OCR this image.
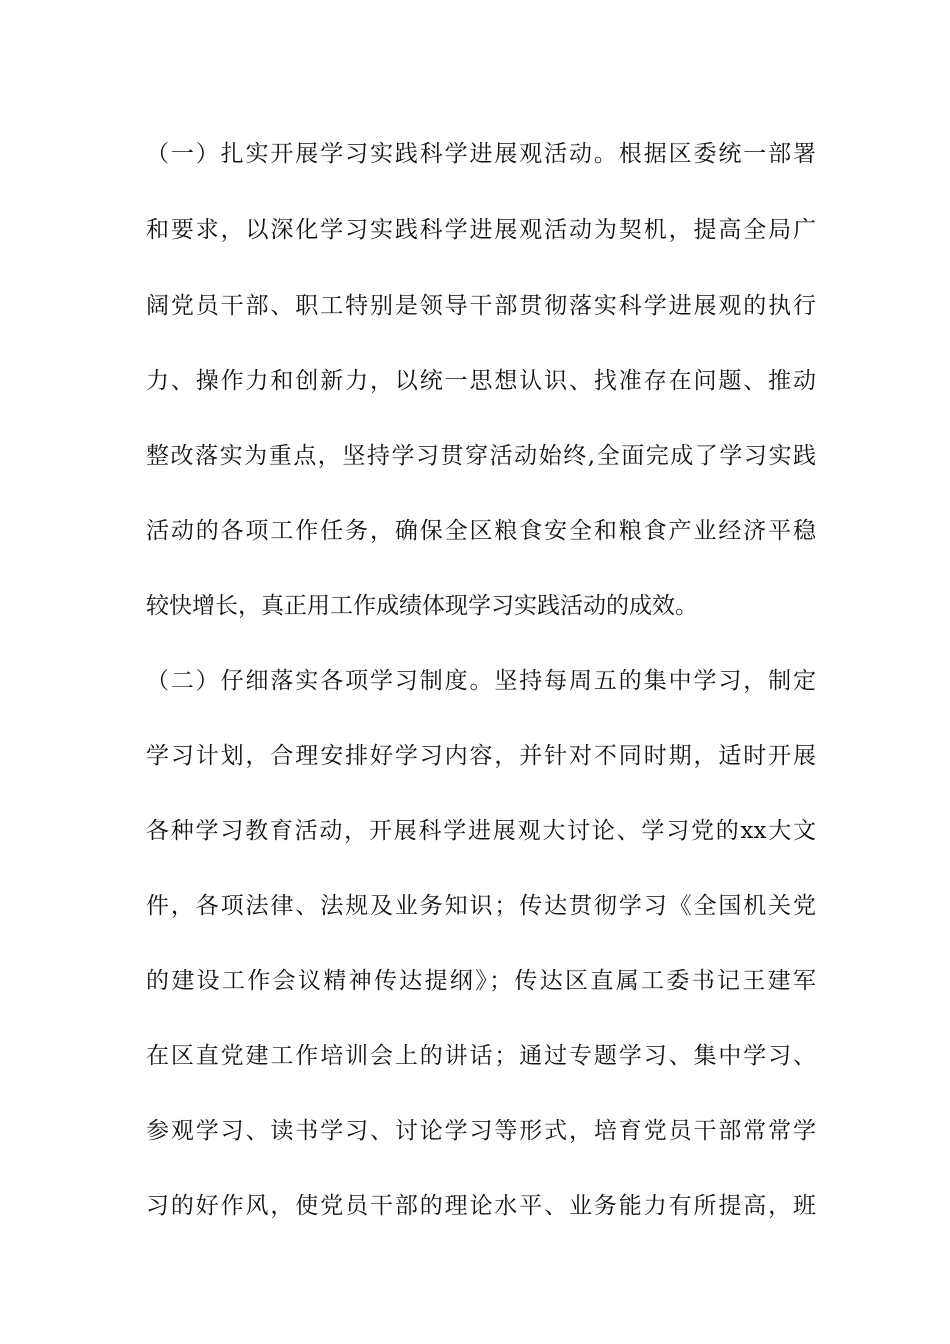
（一）扎实开展学习实践科学进展观活动。根据区委统一部署
和要求，以深化学习实践科学进展观活动为契机，提高全局广
阔党员干部、职工特别是领导干部贯彻落实科学进展观的执行
力、操作力和创新力，以统一思想认识、找准存在问题、推动
整改落实为重点，坚持学习贯穿活动始终,全面完成了学习实践
活动的各项工作任务，确保全区粮食安全和粮食产业经济平稳
较快增长，真正用工作成绩体现学习实践活动的成效。
（二）仔细落实各项学习制度。坚持每周五的集中学习，制定
学习计划，合理安排好学习内容，并针对不同时期，适时开展
各种学习教育活动，开展科学进展观大讨论、学习党的xx大文
件，各项法律、法规及业务知识；传达贯彻学习《全国机关党
的建设工作会议精神传达提纲》；传达区直属工委书记王建军
在区直党建工作培训会上的讲话；通过专题学习、集中学习、
参观学习、读书学习、讨论学习等形式，培育党员干部常常学
习的好作风，使党员干部的理论水平、业务能力有所提高，班
